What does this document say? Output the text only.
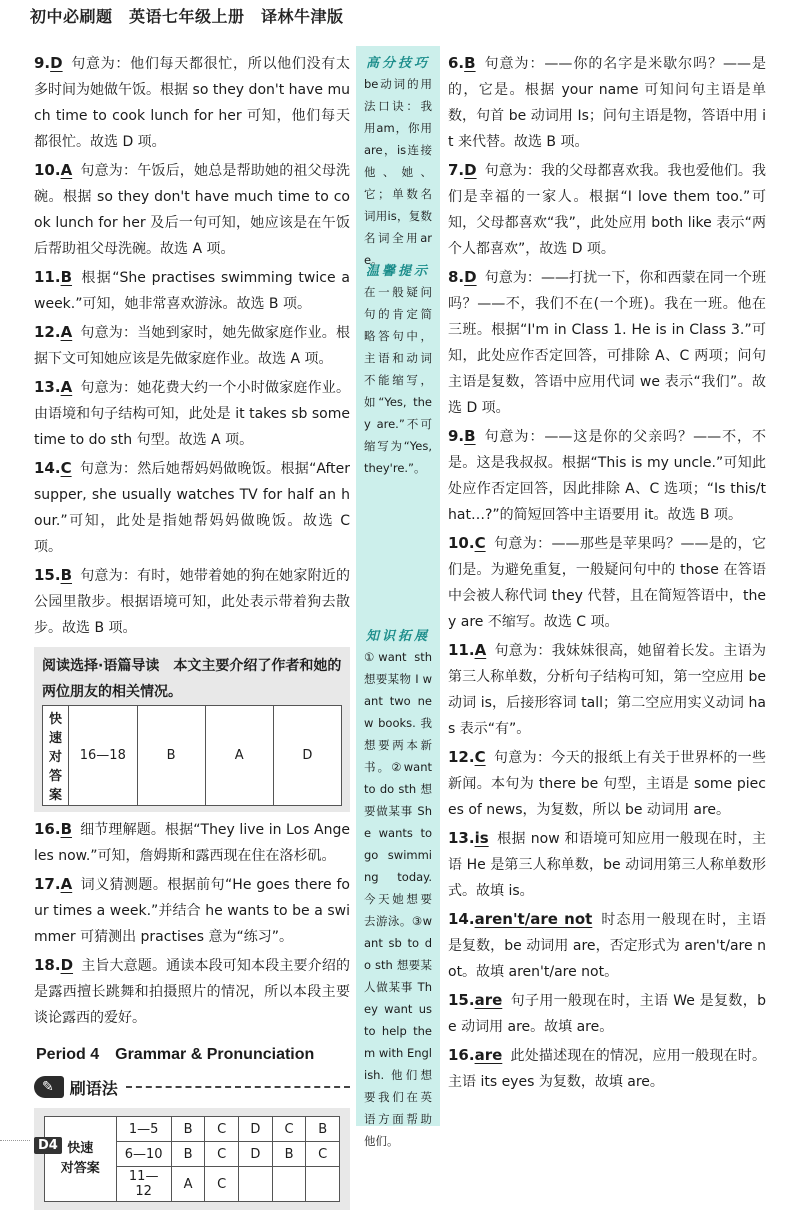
初中必刷题　英语七年级上册　译林牛津版
9.D 句意为：他们每天都很忙，所以他们没有太多时间为她做午饭。根据 so they don't have much time to cook lunch for her 可知，他们每天都很忙。故选 D 项。
10.A 句意为：午饭后，她总是帮助她的祖父母洗碗。根据 so they don't have much time to cook lunch for her 及后一句可知，她应该是在午饭后帮助祖父母洗碗。故选 A 项。
11.B 根据“She practises swimming twice a week.”可知，她非常喜欢游泳。故选 B 项。
12.A 句意为：当她到家时，她先做家庭作业。根据下文可知她应该是先做家庭作业。故选 A 项。
13.A 句意为：她花费大约一个小时做家庭作业。由语境和句子结构可知，此处是 it takes sb some time to do sth 句型。故选 A 项。
14.C 句意为：然后她帮妈妈做晚饭。根据“After supper, she usually watches TV for half an hour.”可知，此处是指她帮妈妈做晚饭。故选 C 项。
15.B 句意为：有时，她带着她的狗在她家附近的公园里散步。根据语境可知，此处表示带着狗去散步。故选 B 项。
阅读选择·语篇导读　本文主要介绍了作者和她的两位朋友的相关情况。
快速对答案	16—18	B	A	D
16.B 细节理解题。根据“They live in Los Angeles now.”可知，詹姆斯和露西现在住在洛杉矶。
17.A 词义猜测题。根据前句“He goes there four times a week.”并结合 he wants to be a swimmer 可猜测出 practises 意为“练习”。
18.D 主旨大意题。通读本段可知本段主要介绍的是露西擅长跳舞和拍摄照片的情况，所以本段主要谈论露西的爱好。
Period 4　Grammar & Pronunciation
✎	刷语法
快速
对答案	1—5	B	C	D	C	B
	6—10	B	C	D	B	C
	11—12	A	C			
高分技巧
be动词的用法口诀：我用am，你用are，is连接他、她、它；单数名词用is，复数名词全用are。
温馨提示
在一般疑问句的肯定简略答句中，主语和动词不能缩写，如“Yes, they are.”不可缩写为“Yes, they're.”。
知识拓展
①want sth 想要某物 I want two new books. 我想要两本新书。②want to do sth 想要做某事 She wants to go swimming today. 今天她想要去游泳。③want sb to do sth 想要某人做某事 They want us to help them with English. 他们想要我们在英语方面帮助他们。
6.B 句意为：——你的名字是米歇尔吗？——是的，它是。根据 your name 可知问句主语是单数，句首 be 动词用 Is；问句主语是物，答语中用 it 来代替。故选 B 项。
7.D 句意为：我的父母都喜欢我。我也爱他们。我们是幸福的一家人。根据“I love them too.”可知，父母都喜欢“我”，此处应用 both like 表示“两个人都喜欢”，故选 D 项。
8.D 句意为：——打扰一下，你和西蒙在同一个班吗？——不，我们不在(一个班)。我在一班。他在三班。根据“I'm in Class 1. He is in Class 3.”可知，此处应作否定回答，可排除 A、C 两项；问句主语是复数，答语中应用代词 we 表示“我们”。故选 D 项。
9.B 句意为：——这是你的父亲吗？——不，不是。这是我叔叔。根据“This is my uncle.”可知此处应作否定回答，因此排除 A、C 选项；“Is this/that…?”的简短回答中主语要用 it。故选 B 项。
10.C 句意为：——那些是苹果吗？——是的，它们是。为避免重复，一般疑问句中的 those 在答语中会被人称代词 they 代替，且在简短答语中，they are 不缩写。故选 C 项。
11.A 句意为：我妹妹很高，她留着长发。主语为第三人称单数，分析句子结构可知，第一空应用 be 动词 is，后接形容词 tall；第二空应用实义动词 has 表示“有”。
12.C 句意为：今天的报纸上有关于世界杯的一些新闻。本句为 there be 句型，主语是 some pieces of news，为复数，所以 be 动词用 are。
13.is 根据 now 和语境可知应用一般现在时，主语 He 是第三人称单数，be 动词用第三人称单数形式。故填 is。
14.aren't/are not 时态用一般现在时，主语是复数，be 动词用 are，否定形式为 aren't/are not。故填 aren't/are not。
15.are 句子用一般现在时，主语 We 是复数，be 动词用 are。故填 are。
16.are 此处描述现在的情况，应用一般现在时。主语 its eyes 为复数，故填 are。
D4
